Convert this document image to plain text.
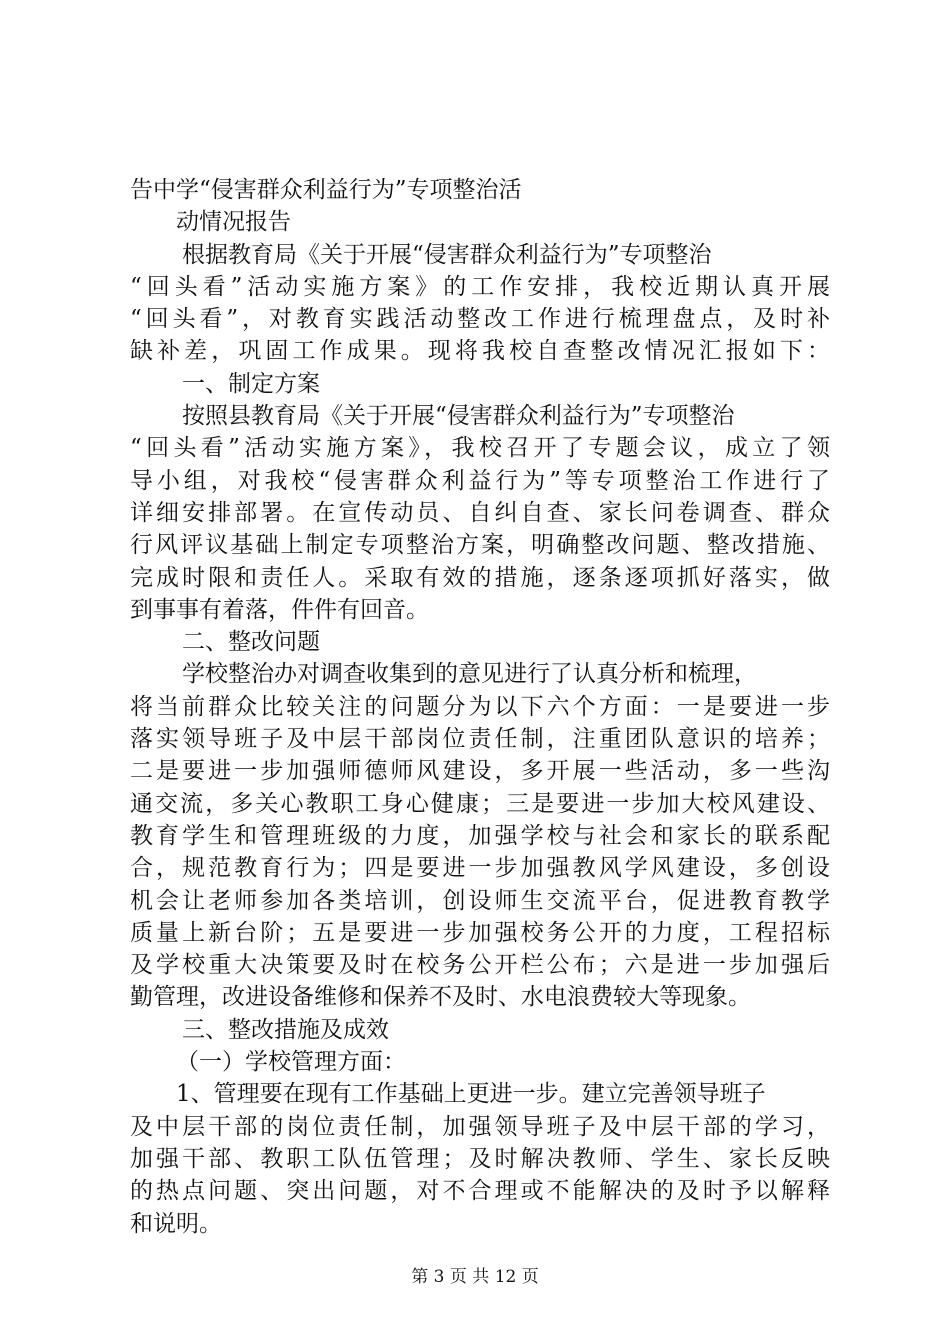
告中学“侵害群众利益行为”专项整治活
动情况报告
根据教育局《关于开展“侵害群众利益行为”专项整治
“回头看”活动实施方案》的工作安排，我校近期认真开展
“回头看”，对教育实践活动整改工作进行梳理盘点，及时补
缺补差，巩固工作成果。现将我校自查整改情况汇报如下：
一、制定方案
按照县教育局《关于开展“侵害群众利益行为”专项整治
“回头看”活动实施方案》，我校召开了专题会议，成立了领
导小组，对我校“侵害群众利益行为”等专项整治工作进行了
详细安排部署。在宣传动员、自纠自查、家长问卷调查、群众
行风评议基础上制定专项整治方案，明确整改问题、整改措施、
完成时限和责任人。采取有效的措施，逐条逐项抓好落实，做
到事事有着落，件件有回音。
二、整改问题
学校整治办对调查收集到的意见进行了认真分析和梳理，
将当前群众比较关注的问题分为以下六个方面：一是要进一步
落实领导班子及中层干部岗位责任制，注重团队意识的培养；
二是要进一步加强师德师风建设，多开展一些活动，多一些沟
通交流，多关心教职工身心健康；三是要进一步加大校风建设、
教育学生和管理班级的力度，加强学校与社会和家长的联系配
合，规范教育行为；四是要进一步加强教风学风建设，多创设
机会让老师参加各类培训，创设师生交流平台，促进教育教学
质量上新台阶；五是要进一步加强校务公开的力度，工程招标
及学校重大决策要及时在校务公开栏公布；六是进一步加强后
勤管理，改进设备维修和保养不及时、水电浪费较大等现象。
三、整改措施及成效
（一）学校管理方面：
1、管理要在现有工作基础上更进一步。建立完善领导班子
及中层干部的岗位责任制，加强领导班子及中层干部的学习，
加强干部、教职工队伍管理；及时解决教师、学生、家长反映
的热点问题、突出问题，对不合理或不能解决的及时予以解释
和说明。
第 3 页 共 12 页
